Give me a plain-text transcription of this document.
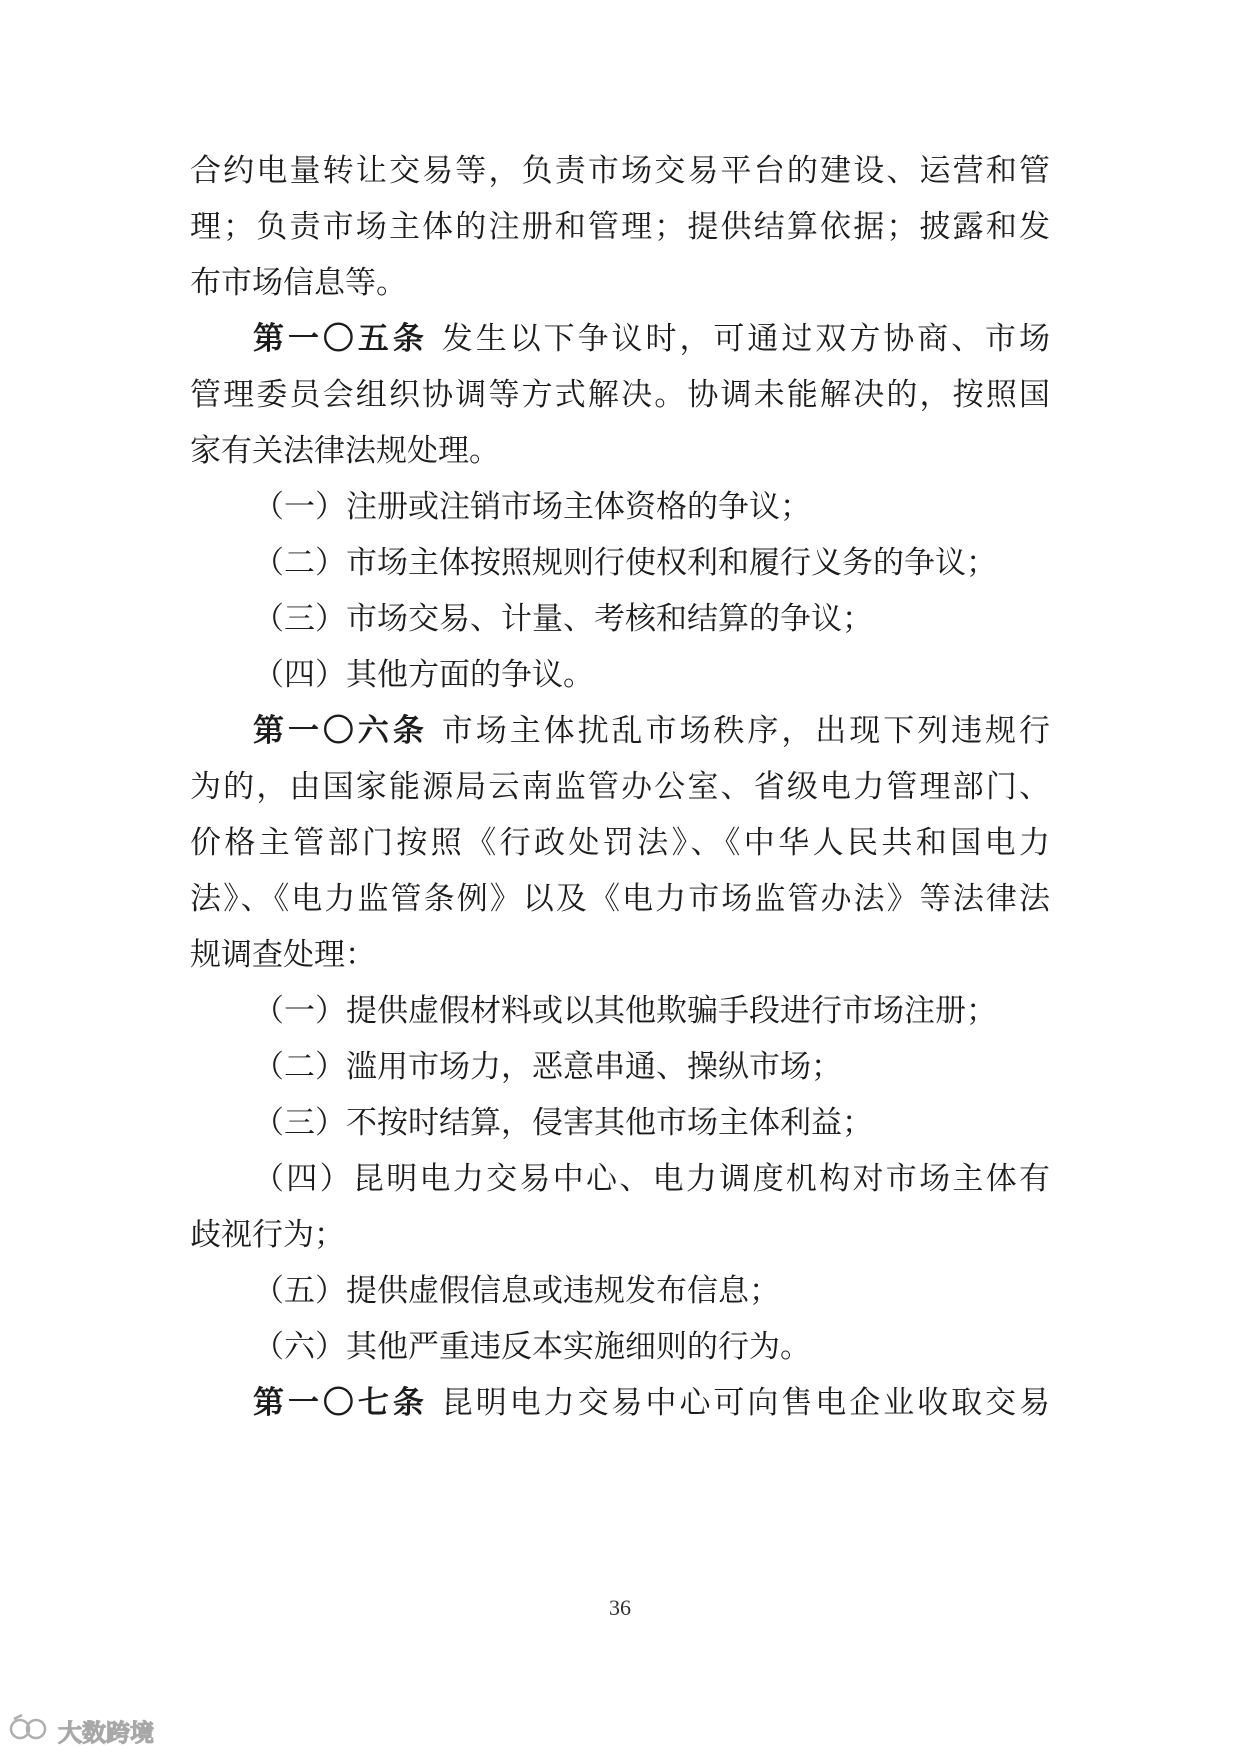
合约电量转让交易等，负责市场交易平台的建设、运营和管
理；负责市场主体的注册和管理；提供结算依据；披露和发
布市场信息等。
第一〇五条 发生以下争议时，可通过双方协商、市场
管理委员会组织协调等方式解决。协调未能解决的，按照国
家有关法律法规处理。
（一）注册或注销市场主体资格的争议；
（二）市场主体按照规则行使权利和履行义务的争议；
（三）市场交易、计量、考核和结算的争议；
（四）其他方面的争议。
第一〇六条 市场主体扰乱市场秩序，出现下列违规行
为的，由国家能源局云南监管办公室、省级电力管理部门、
价格主管部门按照《行政处罚法》、《中华人民共和国电力
法》、《电力监管条例》以及《电力市场监管办法》等法律法
规调查处理：
（一）提供虚假材料或以其他欺骗手段进行市场注册；
（二）滥用市场力，恶意串通、操纵市场；
（三）不按时结算，侵害其他市场主体利益；
（四）昆明电力交易中心、电力调度机构对市场主体有
歧视行为；
（五）提供虚假信息或违规发布信息；
（六）其他严重违反本实施细则的行为。
第一〇七条 昆明电力交易中心可向售电企业收取交易
36
大数跨境
